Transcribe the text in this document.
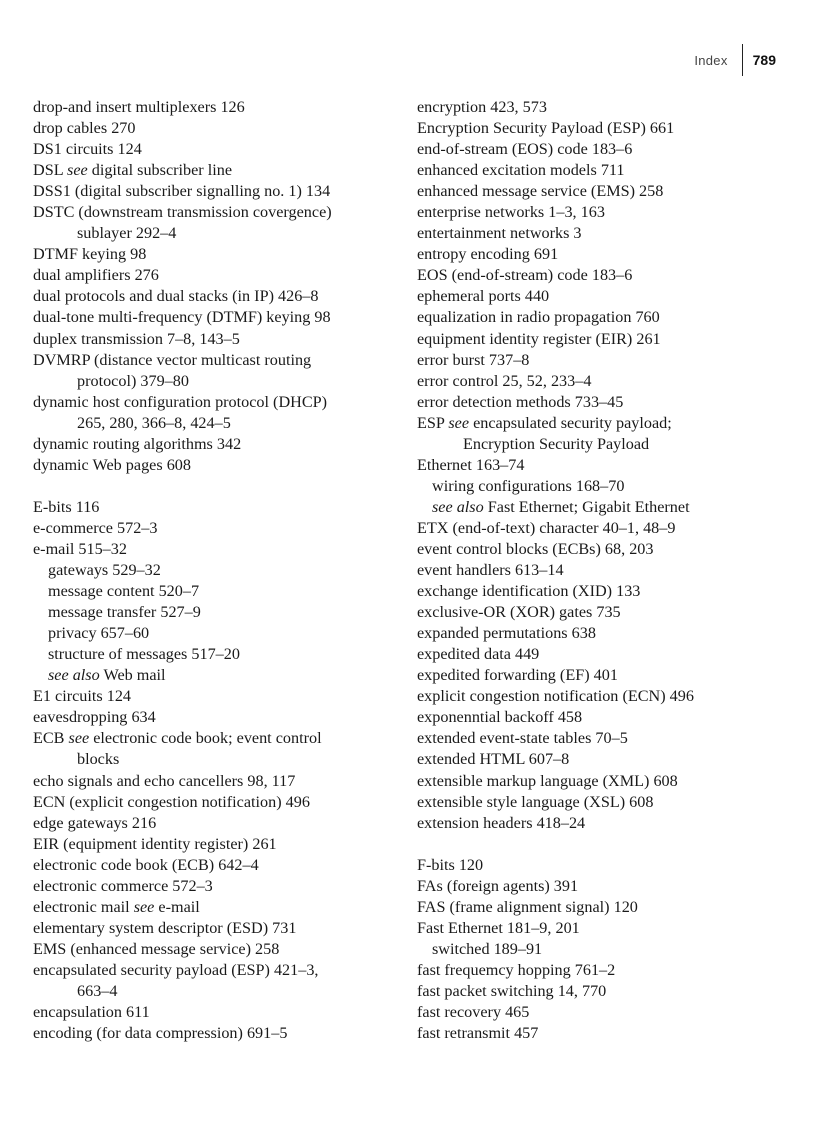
Index 789
drop-and insert multiplexers 126
drop cables 270
DS1 circuits 124
DSL see digital subscriber line
DSS1 (digital subscriber signalling no. 1) 134
DSTC (downstream transmission covergence)
sublayer 292–4
DTMF keying 98
dual amplifiers 276
dual protocols and dual stacks (in IP) 426–8
dual-tone multi-frequency (DTMF) keying 98
duplex transmission 7–8, 143–5
DVMRP (distance vector multicast routing
protocol) 379–80
dynamic host configuration protocol (DHCP)
265, 280, 366–8, 424–5
dynamic routing algorithms 342
dynamic Web pages 608
E-bits 116
e-commerce 572–3
e-mail 515–32
gateways 529–32
message content 520–7
message transfer 527–9
privacy 657–60
structure of messages 517–20
see also Web mail
E1 circuits 124
eavesdropping 634
ECB see electronic code book; event control
blocks
echo signals and echo cancellers 98, 117
ECN (explicit congestion notification) 496
edge gateways 216
EIR (equipment identity register) 261
electronic code book (ECB) 642–4
electronic commerce 572–3
electronic mail see e-mail
elementary system descriptor (ESD) 731
EMS (enhanced message service) 258
encapsulated security payload (ESP) 421–3,
663–4
encapsulation 611
encoding (for data compression) 691–5
encryption 423, 573
Encryption Security Payload (ESP) 661
end-of-stream (EOS) code 183–6
enhanced excitation models 711
enhanced message service (EMS) 258
enterprise networks 1–3, 163
entertainment networks 3
entropy encoding 691
EOS (end-of-stream) code 183–6
ephemeral ports 440
equalization in radio propagation 760
equipment identity register (EIR) 261
error burst 737–8
error control 25, 52, 233–4
error detection methods 733–45
ESP see encapsulated security payload;
Encryption Security Payload
Ethernet 163–74
wiring configurations 168–70
see also Fast Ethernet; Gigabit Ethernet
ETX (end-of-text) character 40–1, 48–9
event control blocks (ECBs) 68, 203
event handlers 613–14
exchange identification (XID) 133
exclusive-OR (XOR) gates 735
expanded permutations 638
expedited data 449
expedited forwarding (EF) 401
explicit congestion notification (ECN) 496
exponenntial backoff 458
extended event-state tables 70–5
extended HTML 607–8
extensible markup language (XML) 608
extensible style language (XSL) 608
extension headers 418–24
F-bits 120
FAs (foreign agents) 391
FAS (frame alignment signal) 120
Fast Ethernet 181–9, 201
switched 189–91
fast frequemcy hopping 761–2
fast packet switching 14, 770
fast recovery 465
fast retransmit 457
